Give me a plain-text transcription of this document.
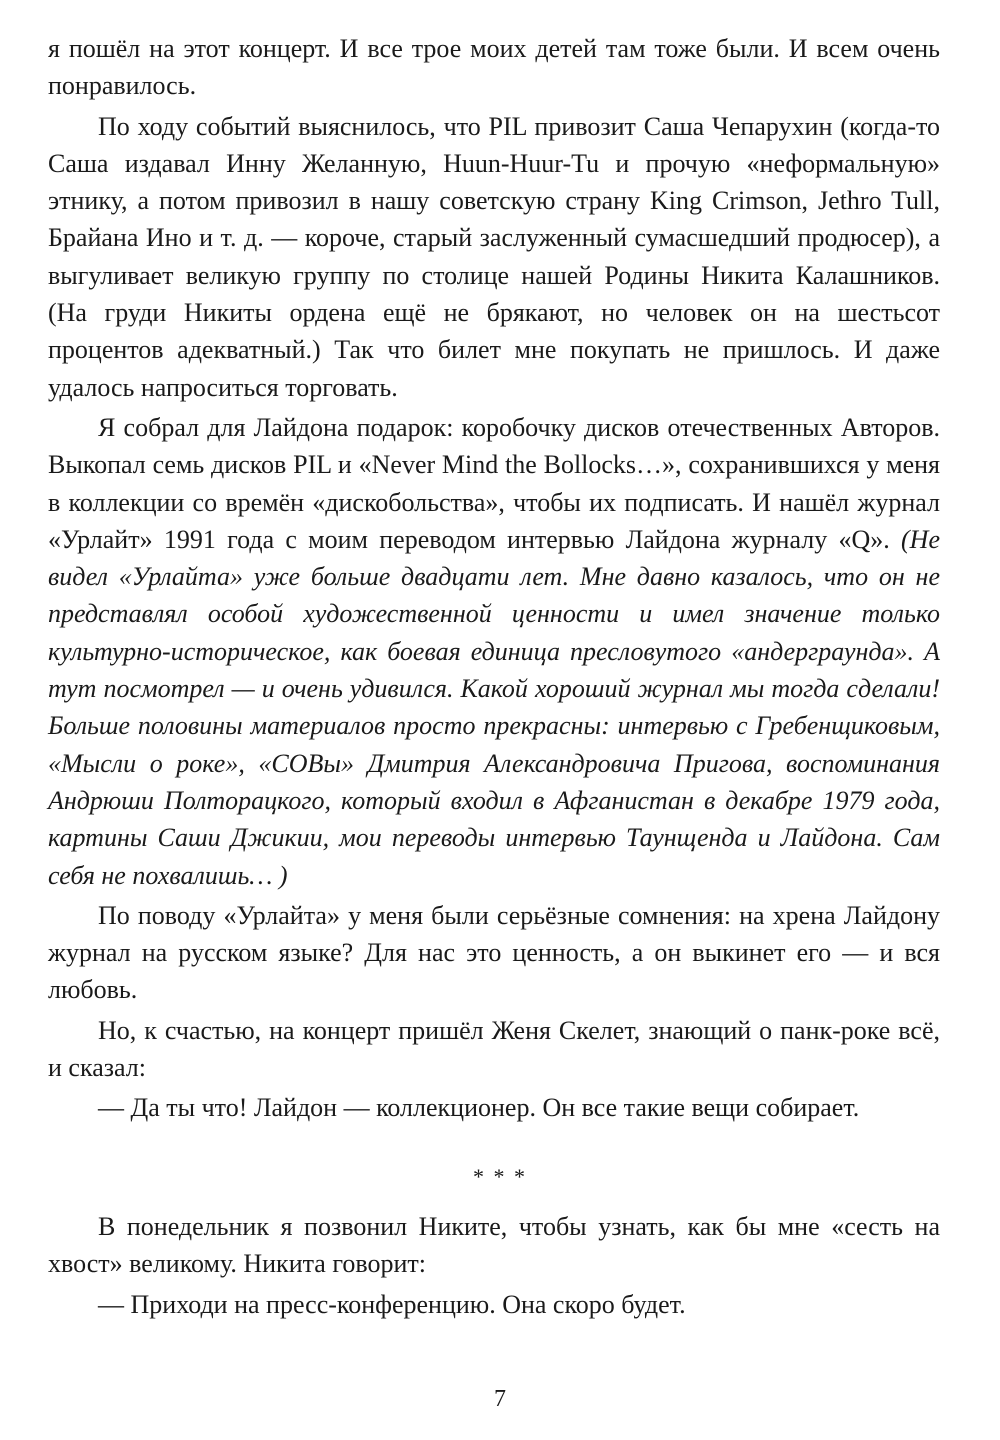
я пошёл на этот концерт. И все трое моих детей там тоже были. И всем очень понравилось.

По ходу событий выяснилось, что PIL привозит Саша Чепарухин (когда-то Саша издавал Инну Желанную, Huun-Huur-Tu и прочую «неформальную» этнику, а потом привозил в нашу советскую страну King Crimson, Jethro Tull, Брайана Ино и т. д. — короче, старый заслуженный сумасшедший продюсер), а выгуливает великую группу по столице нашей Родины Никита Калашников. (На груди Никиты ордена ещё не брякают, но человек он на шестьсот процентов адекватный.) Так что билет мне покупать не пришлось. И даже удалось напроситься торговать.

Я собрал для Лайдона подарок: коробочку дисков отечественных Авторов. Выкопал семь дисков PIL и «Never Mind the Bollocks…», сохранившихся у меня в коллекции со времён «дискобольства», чтобы их подписать. И нашёл журнал «Урлайт» 1991 года с моим переводом интервью Лайдона журналу «Q». (Не видел «Урлайта» уже больше двадцати лет. Мне давно казалось, что он не представлял особой художественной ценности и имел значение только культурно-историческое, как боевая единица пресловутого «андерграунда». А тут посмотрел — и очень удивился. Какой хороший журнал мы тогда сделали! Больше половины материалов просто прекрасны: интервью с Гребенщиковым, «Мысли о роке», «СОВы» Дмитрия Александровича Пригова, воспоминания Андрюши Полторацкого, который входил в Афганистан в декабре 1979 года, картины Саши Джикии, мои переводы интервью Таунщенда и Лайдона. Сам себя не похвалишь… )

По поводу «Урлайта» у меня были серьёзные сомнения: на хрена Лайдону журнал на русском языке? Для нас это ценность, а он выкинет его — и вся любовь.

Но, к счастью, на концерт пришёл Женя Скелет, знающий о панк-роке всё, и сказал:

— Да ты что! Лайдон — коллекционер. Он все такие вещи собирает.

* * *

В понедельник я позвонил Никите, чтобы узнать, как бы мне «сесть на хвост» великому. Никита говорит:

— Приходи на пресс-конференцию. Она скоро будет.

7
